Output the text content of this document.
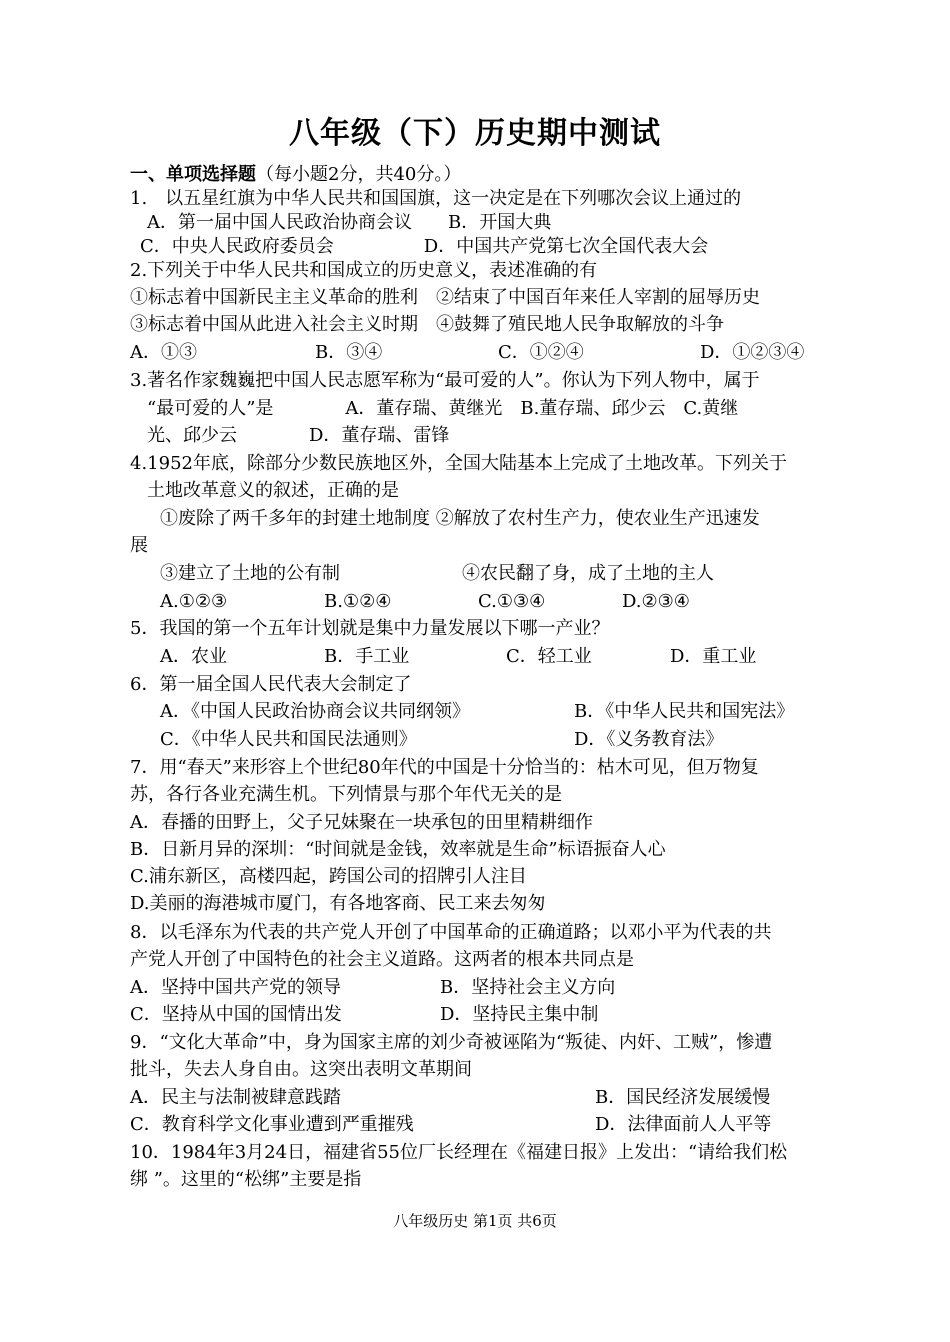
八年级（下）历史期中测试
一、单项选择题（每小题2分，共40分。）
1.　以五星红旗为中华人民共和国国旗，这一决定是在下列哪次会议上通过的
A．第一届中国人民政治协商会议　　B．开国大典
C．中央人民政府委员会　　　　　D．中国共产党第七次全国代表大会
2.下列关于中华人民共和国成立的历史意义，表述准确的有
①标志着中国新民主主义革命的胜利　②结束了中国百年来任人宰割的屈辱历史
③标志着中国从此进入社会主义时期　④鼓舞了殖民地人民争取解放的斗争
A．①③	B．③④	C．①②④	D．①②③④
3.著名作家魏巍把中国人民志愿军称为“最可爱的人”。你认为下列人物中，属于
“最可爱的人”是　　　　A．董存瑞、黄继光　B.董存瑞、邱少云　C.黄继
光、邱少云　　　　D．董存瑞、雷锋
4.1952年底，除部分少数民族地区外，全国大陆基本上完成了土地改革。下列关于
土地改革意义的叙述，正确的是
①废除了两千多年的封建土地制度 ②解放了农村生产力，使农业生产迅速发
展
③建立了土地的公有制	④农民翻了身，成了土地的主人
A.①②③	B.①②④	C.①③④	D.②③④
5．我国的第一个五年计划就是集中力量发展以下哪一产业？
A．农业	B．手工业	C．轻工业	D．重工业
6．第一届全国人民代表大会制定了
A．《中国人民政治协商会议共同纲领》	B．《中华人民共和国宪法》
C．《中华人民共和国民法通则》	D．《义务教育法》
7．用“春天”来形容上个世纪80年代的中国是十分恰当的：枯木可见，但万物复
苏，各行各业充满生机。下列情景与那个年代无关的是
A．春播的田野上，父子兄妹聚在一块承包的田里精耕细作
B．日新月异的深圳：“时间就是金钱，效率就是生命”标语振奋人心
C.浦东新区，高楼四起，跨国公司的招牌引人注目
D.美丽的海港城市厦门，有各地客商、民工来去匆匆
8．以毛泽东为代表的共产党人开创了中国革命的正确道路；以邓小平为代表的共
产党人开创了中国特色的社会主义道路。这两者的根本共同点是
A．坚持中国共产党的领导	B．坚持社会主义方向
C．坚持从中国的国情出发	D．坚持民主集中制
9．“文化大革命”中，身为国家主席的刘少奇被诬陷为“叛徒、内奸、工贼”，惨遭
批斗，失去人身自由。这突出表明文革期间
A．民主与法制被肆意践踏	B．国民经济发展缓慢
C．教育科学文化事业遭到严重摧残	D．法律面前人人平等
10．1984年3月24日，福建省55位厂长经理在《福建日报》上发出：“请给我们松
绑 ”。这里的“松绑”主要是指
八年级历史 第1页 共6页
